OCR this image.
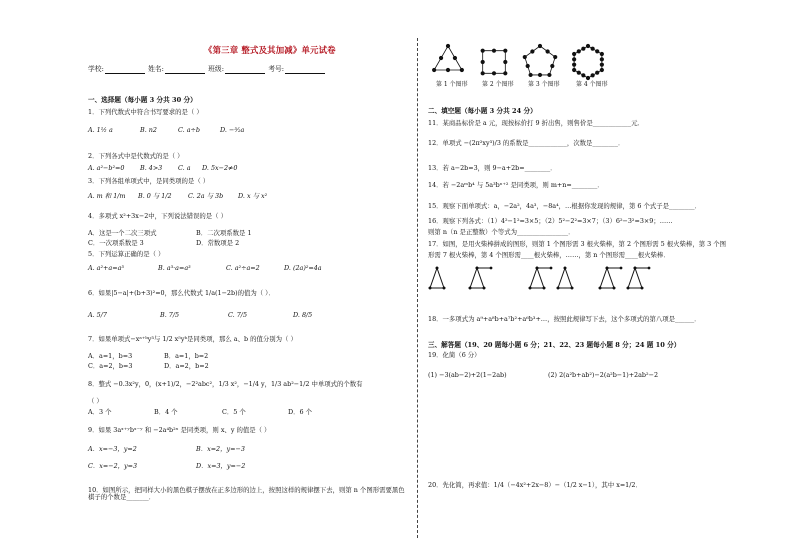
《第三章 整式及其加减》单元试卷
学校:	姓名:	班级:	考号:
一、选择题（每小题 3 分共 30 分）
1．下列代数式中符合书写要求的是（ ）
A. 1½ a	B. n2	C. a÷b	D. −³⁄₂a
2．下列各式中是代数式的是（ ）
A. a²−b²=0 B. 4>3 C. a D. 5x−2≠0
3．下列各组单项式中，是同类项的是（ ）
A. m 和 1/m B. 0 与 1/2	C. 2a 与 3b D. x 与 x²
4．多项式 x²+3x−2中，下列说法错误的是（ ）
A．这是一个二次三项式	B．二次项系数是 1
C．一次项系数是 3	D．常数项是 2
5．下列运算正确的是（ ）
A. a²+a=a³	B. a³·a=a³	C. a²÷a=2	D. (2a)²=4a
6．如果|5−a|+(b+3)²=0，那么代数式 1/a(1−2b)的值为（ ）．
A. 5/7	B. 7/5	C. 7/5	D. 8/5
7．如果单项式−xᵃ⁺ᵇy³与 1/2 x⁵yᵇ是同类项，那么 a、b 的值分别为（ ）
A．a=1，b=3	B．a=1，b=2
C．a=2，b=3	D．a=2，b=2
8．整式 −0.3x²y，0，(x+1)/2，−2²abc²，1/3 x²，−1/4 y，1/3 ab²−1/2 中单项式的个数有
（ ）
A．3 个	B．4 个	C．5 个	D．6 个
9．如果 3aˣ⁺ʸbˣ⁻ʸ 和 −2a⁴b²ˣ 是同类项，则 x、y 的值是（ ）
A．x=−3，y=2	B．x=2，y=−3
C．x=−2，y=3	D．x=3，y=−2
10．如图所示，把同样大小的黑色棋子摆放在正多边形的边上，按照这样的规律摆下去，则第 n 个图形需要黑色棋子的个数是_______．
第 1 个图形 第 2 个图形 第 3 个图形	第 4 个图形
二、填空题（每小题 3 分共 24 分）
11．某商品标价是 a 元，现按标价打 9 折出售，则售价是____________元．
12．单项式 −(2π²xy³)/3 的系数是____________，次数是________．
13．若 a−2b=3，则 9−a+2b=________．
14．若 −2aᵐb⁴ 与 5a³bⁿ⁺² 是同类项，则 m+n=________．
15．观察下面单项式：a，−2a²，4a³，−8a⁴，…根据你发现的规律，第 6 个式子是________．
16．观察下列各式：（1）4²−1²=3×5；（2）5²−2²=3×7；（3）6²−3²=3×9；……
则第 n（n 是正整数）个等式为________________．
17．如图，是用火柴棒拼成的图形，则第 1 个图形需 3 根火柴棒，第 2 个图形需 5 根火柴棒，第 3 个图
形需 7 根火柴棒，第 4 个图形需____根火柴棒，……，第 n 个图形需____根火柴棒．
18．一多项式为 a⁹+a⁸b+a⁷b²+a⁶b³+…，按照此规律写下去，这个多项式的第八项是______．
三、解答题（19、20 题每小题 6 分；21、22、23 题每小题 8 分；24 题 10 分）
19．化简（6 分）
(1) −3(ab−2)+2(1−2ab)	(2) 2(a²b+ab²)−2(a²b−1)+2ab²−2
20．先化简，再求值：1/4（−4x²+2x−8）−（1/2 x−1），其中 x=1/2．
